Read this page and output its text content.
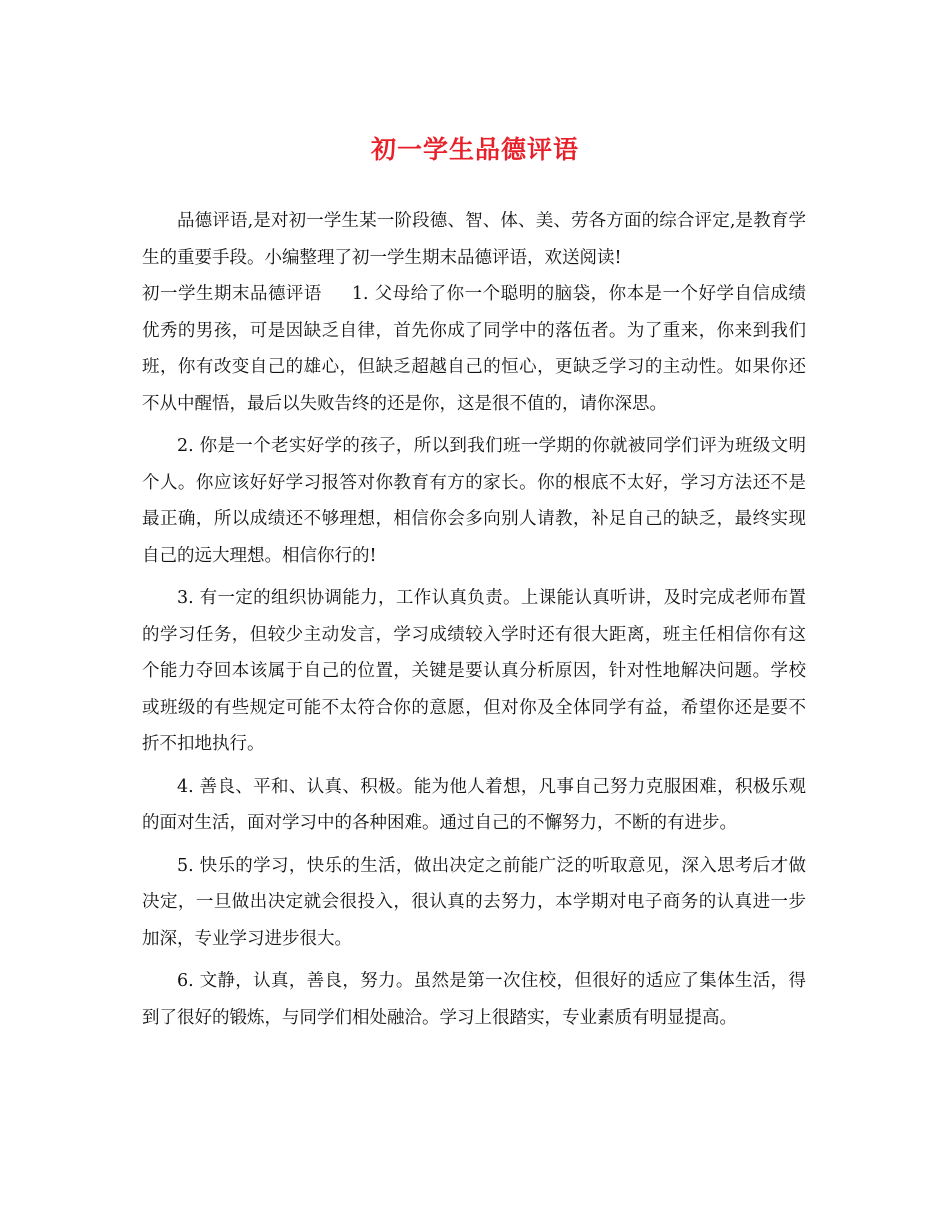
初一学生品德评语

品德评语,是对初一学生某一阶段德、智、体、美、劳各方面的综合评定,是教育学生的重要手段。小编整理了初一学生期末品德评语，欢送阅读!

初一学生期末品德评语 1. 父母给了你一个聪明的脑袋，你本是一个好学自信成绩优秀的男孩，可是因缺乏自律，首先你成了同学中的落伍者。为了重来，你来到我们班，你有改变自己的雄心，但缺乏超越自己的恒心，更缺乏学习的主动性。如果你还不从中醒悟，最后以失败告终的还是你，这是很不值的，请你深思。

2. 你是一个老实好学的孩子，所以到我们班一学期的你就被同学们评为班级文明个人。你应该好好学习报答对你教育有方的家长。你的根底不太好，学习方法还不是最正确，所以成绩还不够理想，相信你会多向别人请教，补足自己的缺乏，最终实现自己的远大理想。相信你行的!

3. 有一定的组织协调能力，工作认真负责。上课能认真听讲，及时完成老师布置的学习任务，但较少主动发言，学习成绩较入学时还有很大距离，班主任相信你有这个能力夺回本该属于自己的位置，关键是要认真分析原因，针对性地解决问题。学校或班级的有些规定可能不太符合你的意愿，但对你及全体同学有益，希望你还是要不折不扣地执行。

4. 善良、平和、认真、积极。能为他人着想，凡事自己努力克服困难，积极乐观的面对生活，面对学习中的各种困难。通过自己的不懈努力，不断的有进步。

5. 快乐的学习，快乐的生活，做出决定之前能广泛的听取意见，深入思考后才做决定，一旦做出决定就会很投入，很认真的去努力，本学期对电子商务的认真进一步加深，专业学习进步很大。

6. 文静，认真，善良，努力。虽然是第一次住校，但很好的适应了集体生活，得到了很好的锻炼，与同学们相处融洽。学习上很踏实，专业素质有明显提高。
